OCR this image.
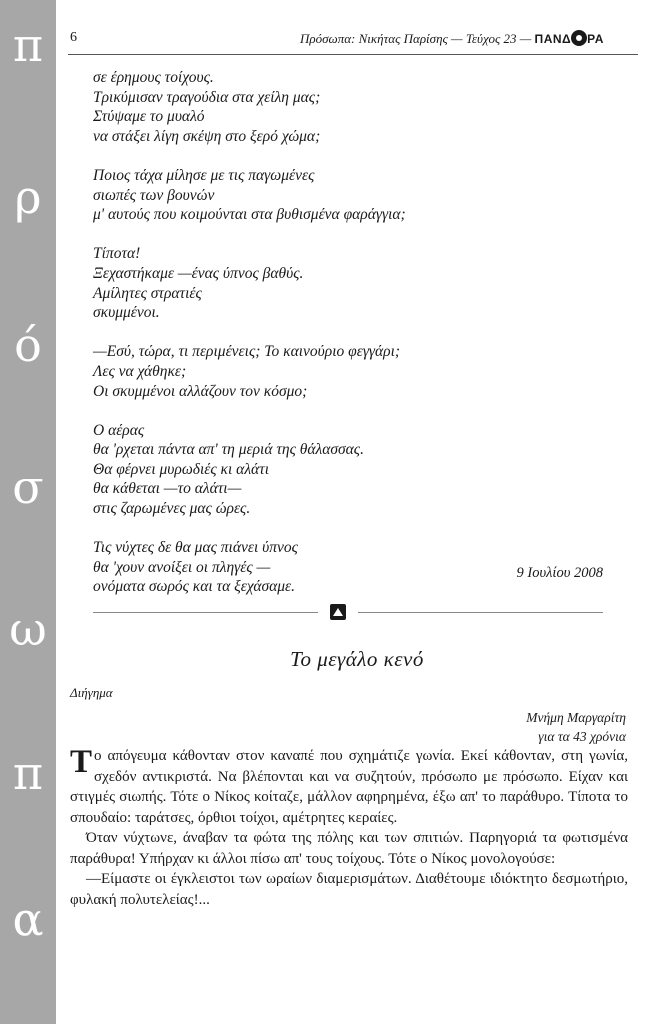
π
ρ
ό
σ
ω
π
α
6	Πρόσωπα: Νικήτας Παρίσης — Τεύχος 23 — ΠΑΝΔ ΡΑ
σε έρημους τοίχους.
Τρικύμισαν τραγούδια στα χείλη μας;
Στύψαμε το μυαλό
να στάξει λίγη σκέψη στο ξερό χώμα;
Ποιος τάχα μίλησε με τις παγωμένες
σιωπές των βουνών
μ' αυτούς που κοιμούνται στα βυθισμένα φαράγγια;
Τίποτα!
Ξεχαστήκαμε —ένας ύπνος βαθύς.
Αμίλητες στρατιές
σκυμμένοι.
—Εσύ, τώρα, τι περιμένεις; Το καινούριο φεγγάρι;
Λες να χάθηκε;
Οι σκυμμένοι αλλάζουν τον κόσμο;
Ο αέρας
θα 'ρχεται πάντα απ' τη μεριά της θάλασσας.
Θα φέρνει μυρωδιές κι αλάτι
θα κάθεται —το αλάτι—
στις ζαρωμένες μας ώρες.
Τις νύχτες δε θα μας πιάνει ύπνος
θα 'χουν ανοίξει οι πληγές —
ονόματα σωρός και τα ξεχάσαμε.
9 Ιουλίου 2008
Το μεγάλο κενό
Διήγημα
Μνήμη Μαργαρίτη
για τα 43 χρόνια

Το απόγευμα κάθονταν στον καναπέ που σχημάτιζε γωνία. Εκεί κάθονταν, στη γωνία, σχεδόν αντικριστά. Να βλέπονται και να συζητούν, πρόσωπο με πρόσωπο. Είχαν και στιγμές σιωπής. Τότε ο Νίκος κοίταζε, μάλλον αφηρημένα, έξω απ' το παράθυρο. Τίποτα το σπουδαίο: ταράτσες, όρθιοι τοίχοι, αμέτρητες κεραίες.

Όταν νύχτωνε, άναβαν τα φώτα της πόλης και των σπιτιών. Παρηγοριά τα φωτισμένα παράθυρα! Υπήρχαν κι άλλοι πίσω απ' τους τοίχους. Τότε ο Νίκος μονολογούσε:

—Είμαστε οι έγκλειστοι των ωραίων διαμερισμάτων. Διαθέτουμε ιδιόκτητο δεσμωτήριο, φυλακή πολυτελείας!...
